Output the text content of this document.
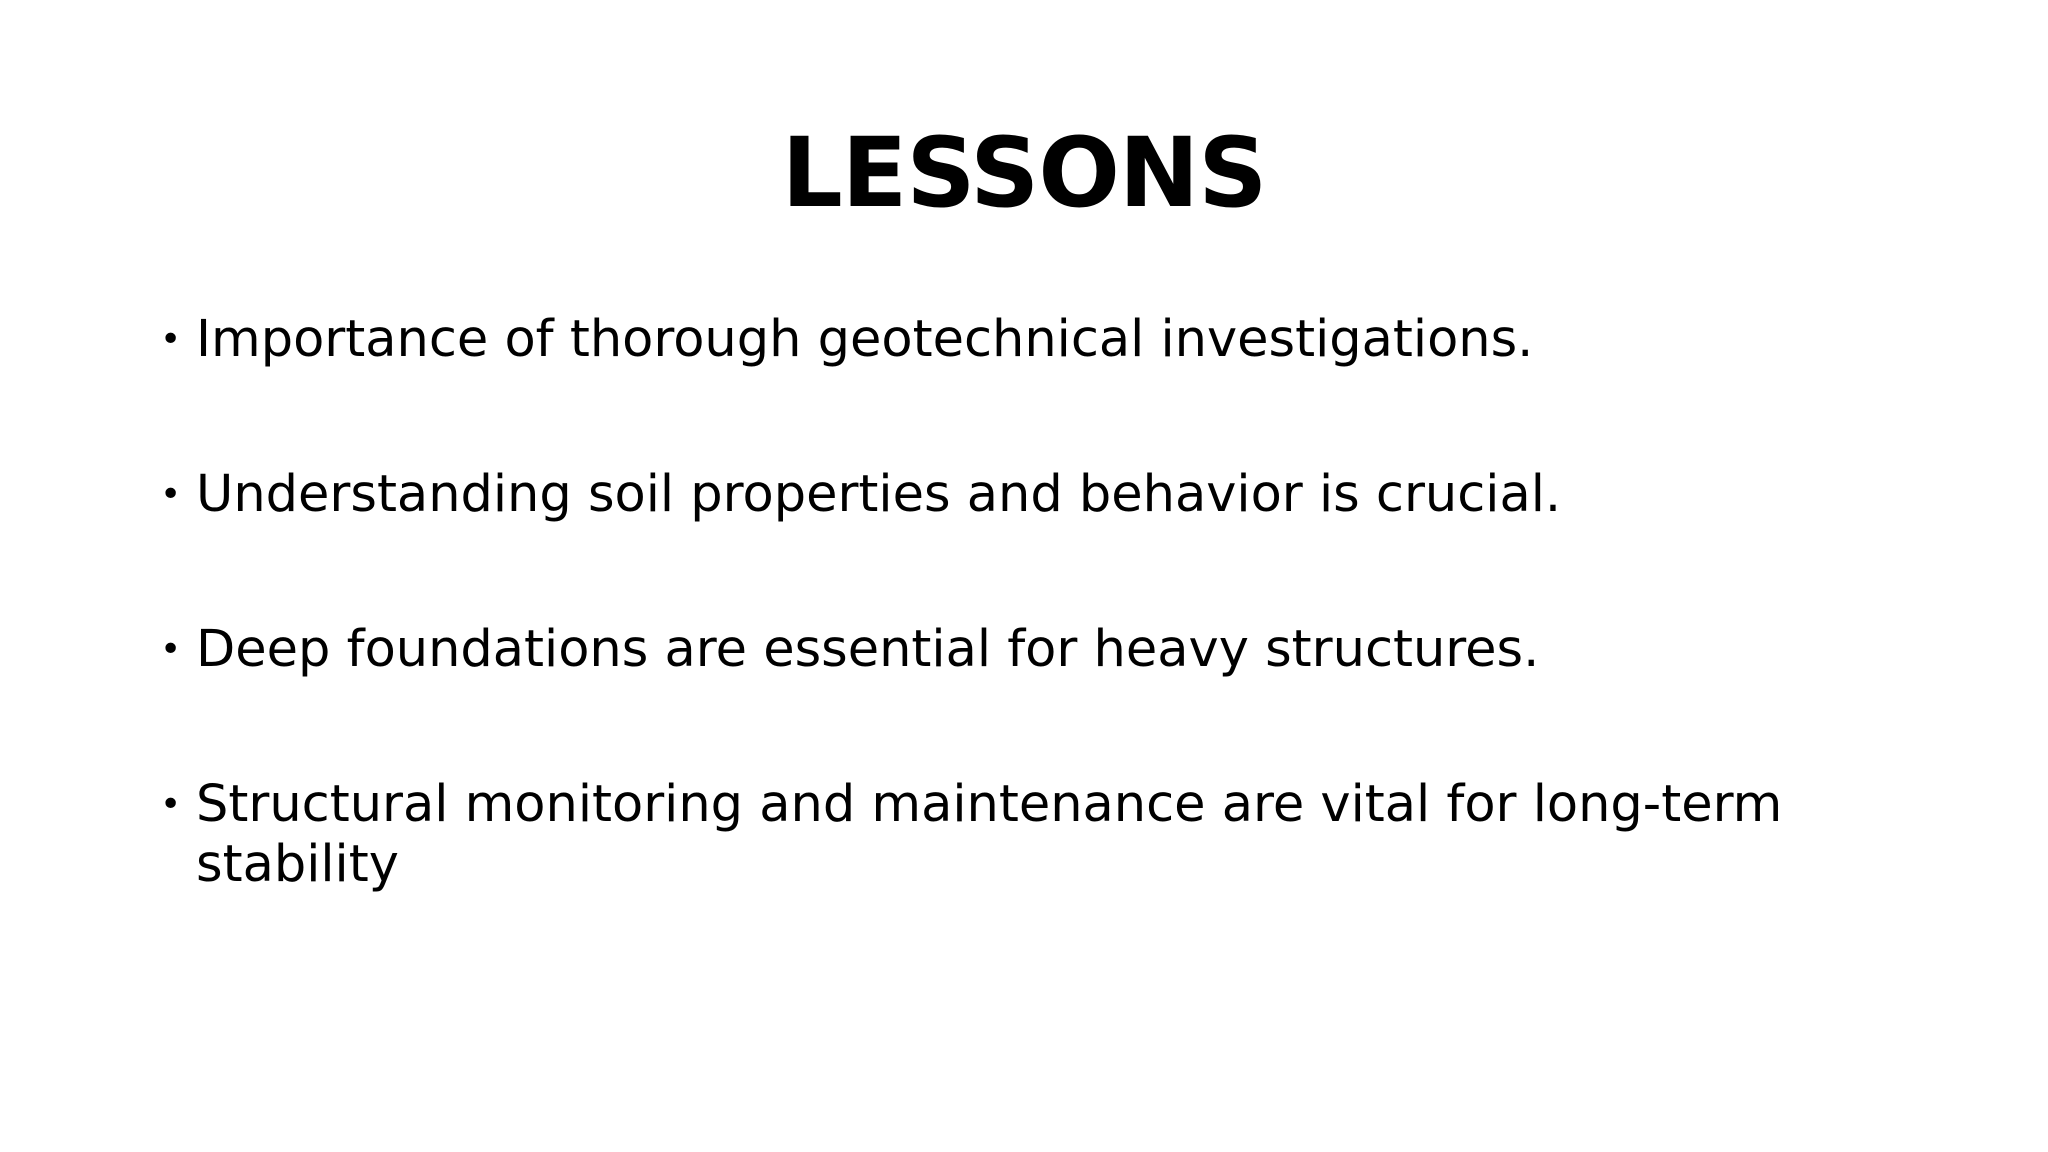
LESSONS
• Importance of thorough geotechnical investigations.
• Understanding soil properties and behavior is crucial.
• Deep foundations are essential for heavy structures.
• Structural monitoring and maintenance are vital for long-term stability
